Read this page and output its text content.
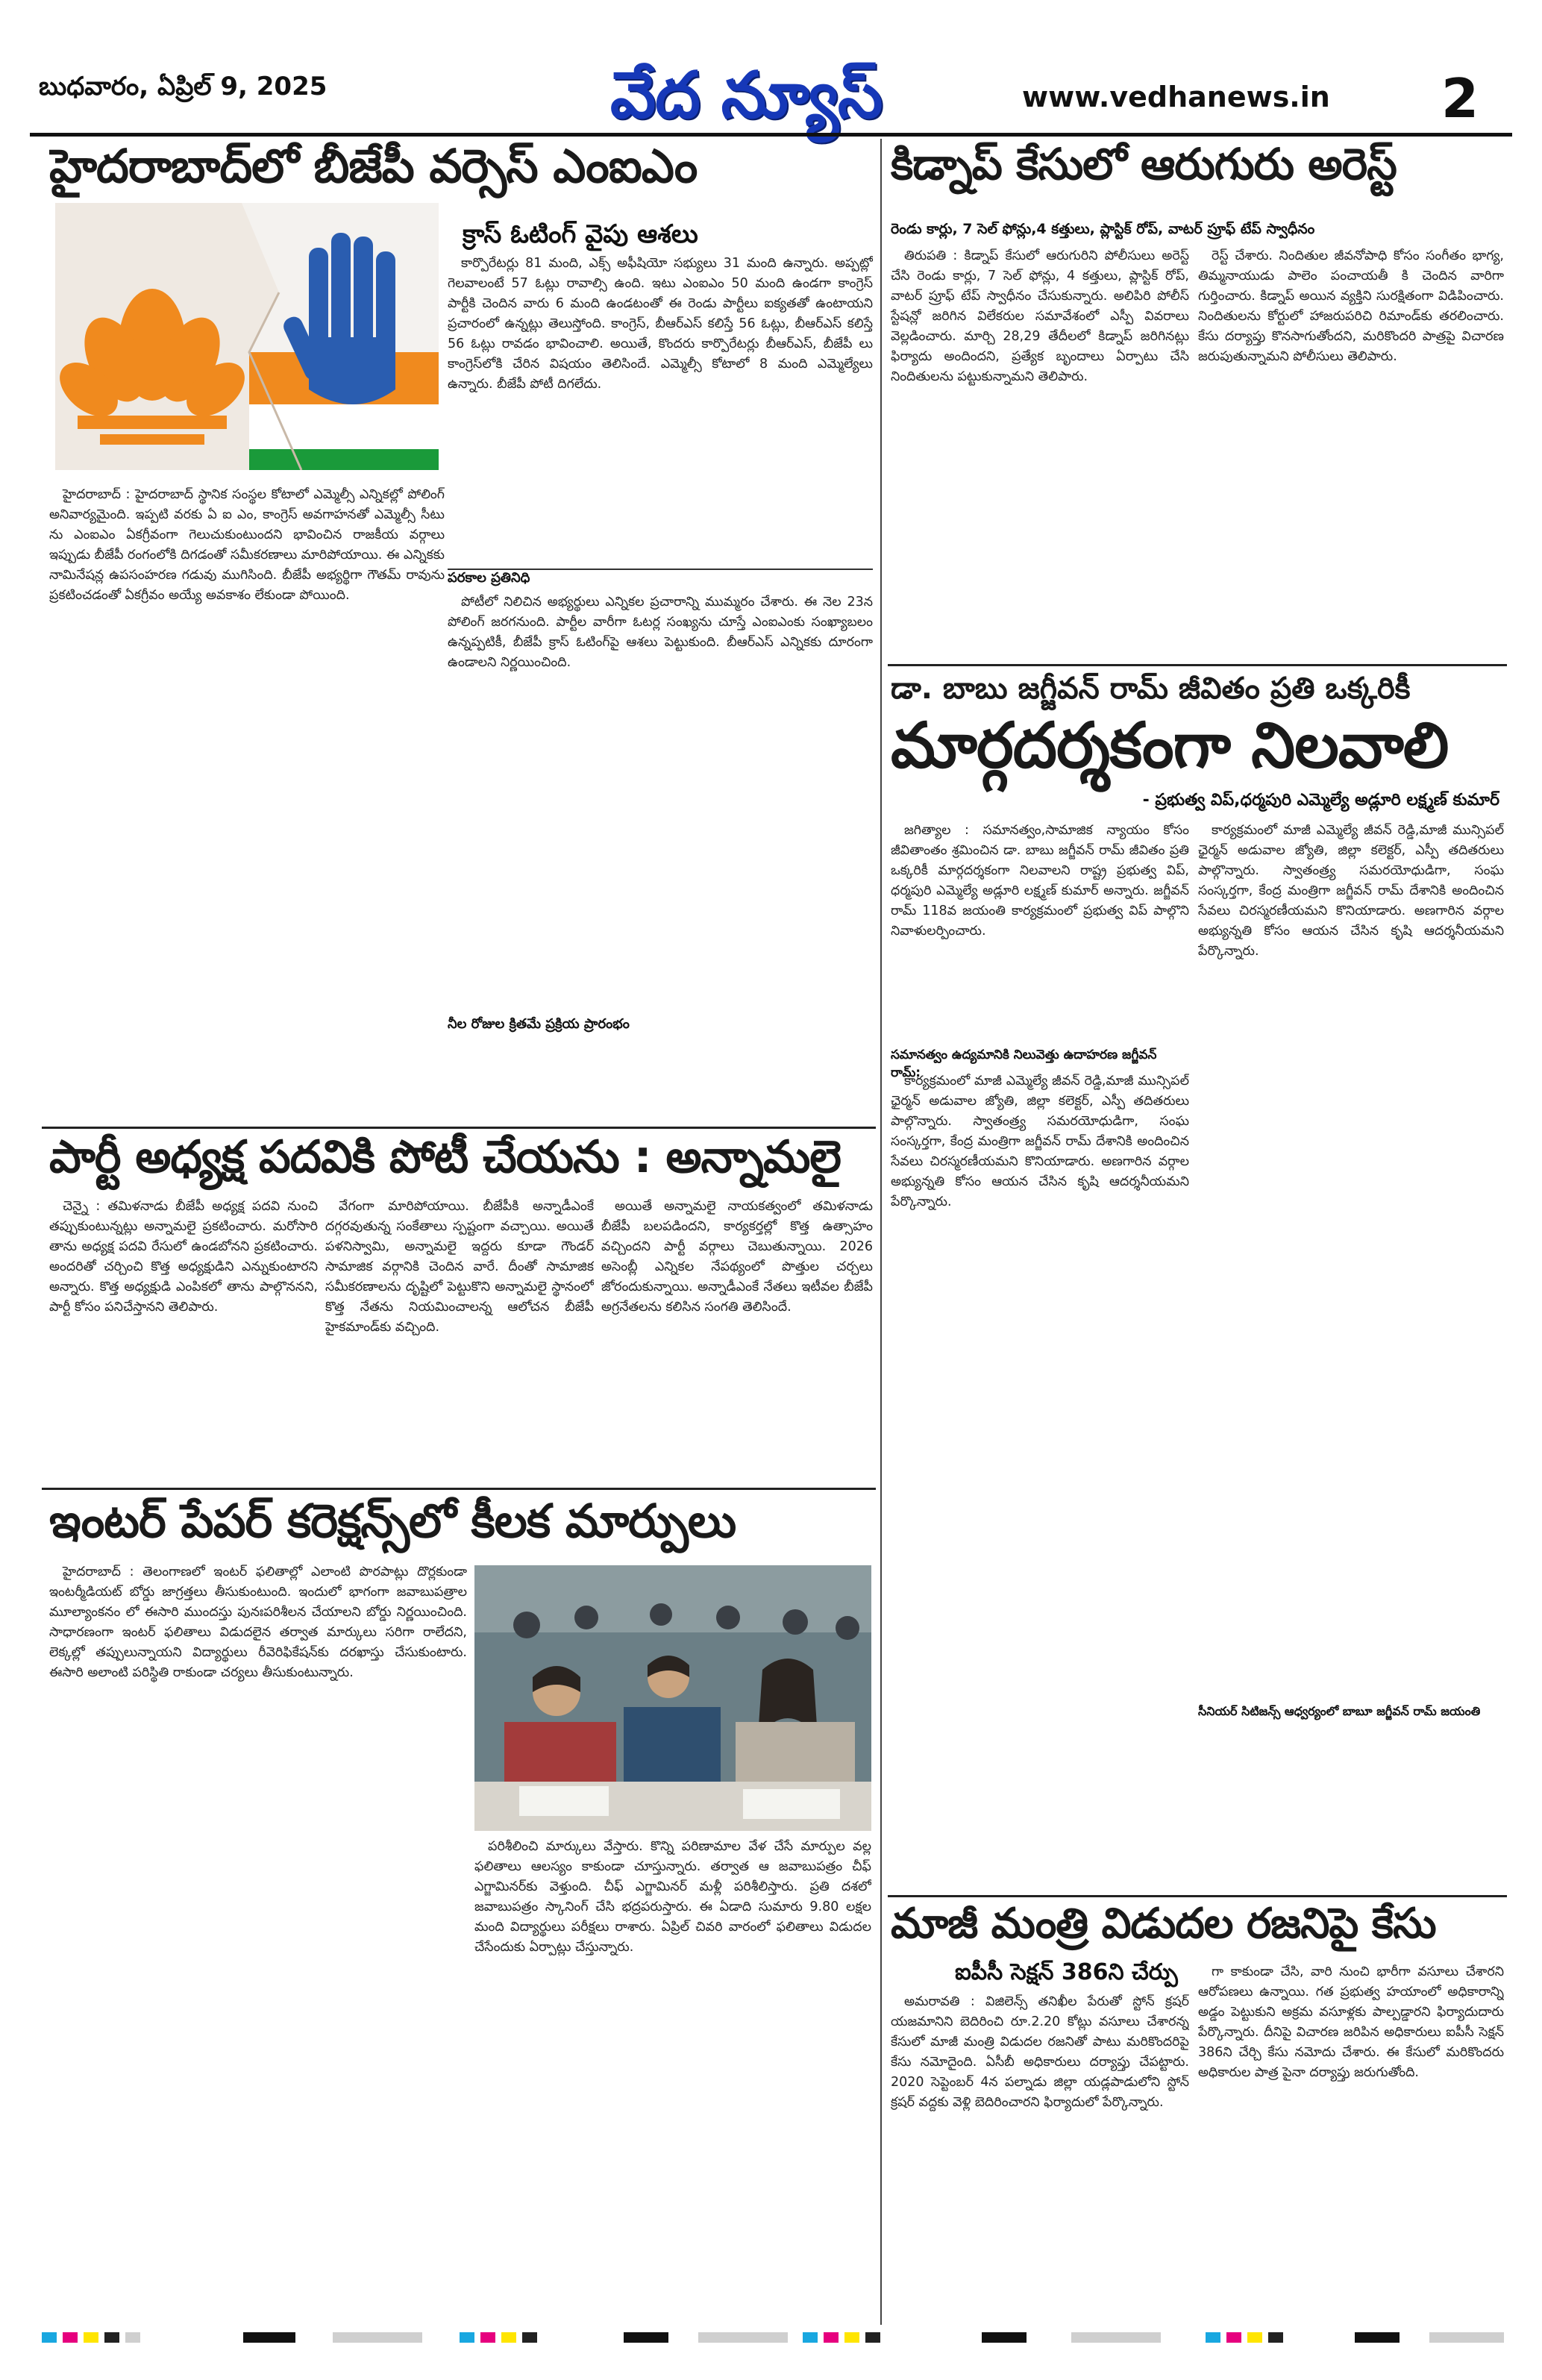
బుధవారం, ఏప్రిల్ 9, 2025	వేద న్యూస్	www.vedhanews.in 2
హైదరాబాద్‌లో బీజేపీ వర్సెస్ ఎంఐఎం
క్రాస్ ఓటింగ్ వైపు ఆశలు

కార్పొరేటర్లు 81 మంది, ఎక్స్ అఫీషియో సభ్యులు 31 మంది ఉన్నారు. అప్పట్లో గెలవాలంటే 57 ఓట్లు రావాల్సి ఉంది. ఇటు ఎంఐఎం 50 మంది ఉండగా కాంగ్రెస్ పార్టీకి చెందిన వారు 6 మంది ఉండటంతో ఈ రెండు పార్టీలు ఐక్యతతో ఉంటాయని ప్రచారంలో ఉన్నట్లు తెలుస్తోంది. కాంగ్రెస్, బీఆర్ఎస్ కలిస్తే 56 ఓట్లు, బీఆర్ఎస్ కలిస్తే 56 ఓట్లు రావడం భావించాలి. అయితే, కొందరు కార్పొరేటర్లు బీఆర్ఎస్, బీజేపీ లు కాంగ్రెస్‌లోకి చేరిన విషయం తెలిసిందే. ఎమ్మెల్సీ కోటాలో 8 మంది ఎమ్మెల్యేలు ఉన్నారు. బీజేపీ పోటీ దిగలేదు.

హైదరాబాద్ : హైదరాబాద్ స్థానిక సంస్థల కోటాలో ఎమ్మెల్సీ ఎన్నికల్లో పోలింగ్ అనివార్యమైంది. ఇప్పటి వరకు ఏ ఐ ఎం, కాంగ్రెస్ అవగాహనతో ఎమ్మెల్సీ సీటు ను ఎంఐఎం ఏకగ్రీవంగా గెలుచుకుంటుందని భావించిన రాజకీయ వర్గాలు ఇప్పుడు బీజేపీ రంగంలోకి దిగడంతో సమీకరణాలు మారిపోయాయి. ఈ ఎన్నికకు నామినేషన్ల ఉపసంహరణ గడువు ముగిసింది. బీజేపీ అభ్యర్థిగా గౌతమ్ రావును ప్రకటించడంతో ఏకగ్రీవం అయ్యే అవకాశం లేకుండా పోయింది.

పరకాల ప్రతినిధి

పోటీలో నిలిచిన అభ్యర్థులు ఎన్నికల ప్రచారాన్ని ముమ్మరం చేశారు. ఈ నెల 23న పోలింగ్ జరగనుంది. పార్టీల వారీగా ఓటర్ల సంఖ్యను చూస్తే ఎంఐఎంకు సంఖ్యాబలం ఉన్నప్పటికీ, బీజేపీ క్రాస్ ఓటింగ్‌పై ఆశలు పెట్టుకుంది. బీఆర్ఎస్ ఎన్నికకు దూరంగా ఉండాలని నిర్ణయించింది.

నీల రోజుల క్రితమే ప్రక్రియ ప్రారంభం
పార్టీ అధ్యక్ష పదవికి పోటీ చేయను : అన్నామలై

చెన్నై : తమిళనాడు బీజేపీ అధ్యక్ష పదవి నుంచి తప్పుకుంటున్నట్లు అన్నామలై ప్రకటించారు. మరోసారి తాను అధ్యక్ష పదవి రేసులో ఉండబోనని ప్రకటించారు. అందరితో చర్చించి కొత్త అధ్యక్షుడిని ఎన్నుకుంటారని అన్నారు. కొత్త అధ్యక్షుడి ఎంపికలో తాను పాల్గొననని, పార్టీ కోసం పనిచేస్తానని తెలిపారు.

వేగంగా మారిపోయాయి. బీజేపీకి అన్నాడీఎంకే దగ్గరవుతున్న సంకేతాలు స్పష్టంగా వచ్చాయి. అయితే పళనిస్వామి, అన్నామలై ఇద్దరు కూడా గౌండర్ సామాజిక వర్గానికి చెందిన వారే. దీంతో సామాజిక సమీకరణాలను దృష్టిలో పెట్టుకొని అన్నామలై స్థానంలో కొత్త నేతను నియమించాలన్న ఆలోచన బీజేపీ హైకమాండ్‌కు వచ్చింది.

అయితే అన్నామలై నాయకత్వంలో తమిళనాడు బీజేపీ బలపడిందని, కార్యకర్తల్లో కొత్త ఉత్సాహం వచ్చిందని పార్టీ వర్గాలు చెబుతున్నాయి. 2026 అసెంబ్లీ ఎన్నికల నేపథ్యంలో పొత్తుల చర్చలు జోరందుకున్నాయి. అన్నాడీఎంకే నేతలు ఇటీవల బీజేపీ అగ్రనేతలను కలిసిన సంగతి తెలిసిందే.

ఇంటర్ పేపర్ కరెక్షన్స్‌లో కీలక మార్పులు

హైదరాబాద్ : తెలంగాణలో ఇంటర్ ఫలితాల్లో ఎలాంటి పొరపాట్లు దొర్లకుండా ఇంటర్మీడియట్ బోర్డు జాగ్రత్తలు తీసుకుంటుంది. ఇందులో భాగంగా జవాబుపత్రాల మూల్యాంకనం లో ఈసారి ముందస్తు పునఃపరిశీలన చేయాలని బోర్డు నిర్ణయించింది. సాధారణంగా ఇంటర్ ఫలితాలు విడుదలైన తర్వాత మార్కులు సరిగా రాలేదని, లెక్కల్లో తప్పులున్నాయని విద్యార్థులు రీవెరిఫికేషన్‌కు దరఖాస్తు చేసుకుంటారు. ఈసారి అలాంటి పరిస్థితి రాకుండా చర్యలు తీసుకుంటున్నారు.

పరిశీలించి మార్కులు వేస్తారు. కొన్ని పరిణామాల వేళ చేసే మార్పుల వల్ల ఫలితాలు ఆలస్యం కాకుండా చూస్తున్నారు. తర్వాత ఆ జవాబుపత్రం చీఫ్ ఎగ్జామినర్‌కు వెళ్తుంది. చీఫ్ ఎగ్జామినర్ మళ్లీ పరిశీలిస్తారు. ప్రతి దశలో జవాబుపత్రం స్కానింగ్ చేసి భద్రపరుస్తారు. ఈ ఏడాది సుమారు 9.80 లక్షల మంది విద్యార్థులు పరీక్షలు రాశారు. ఏప్రిల్ చివరి వారంలో ఫలితాలు విడుదల చేసేందుకు ఏర్పాట్లు చేస్తున్నారు.

కిడ్నాప్ కేసులో ఆరుగురు అరెస్ట్
రెండు కార్లు, 7 సెల్ ఫోన్లు,4 కత్తులు, ప్లాస్టిక్ రోప్, వాటర్ ప్రూఫ్ టేప్ స్వాధీనం

తిరుపతి : కిడ్నాప్ కేసులో ఆరుగురిని పోలీసులు అరెస్ట్ చేసి రెండు కార్లు, 7 సెల్ ఫోన్లు, 4 కత్తులు, ప్లాస్టిక్ రోప్, వాటర్ ప్రూఫ్ టేప్ స్వాధీనం చేసుకున్నారు. అలిపిరి పోలీస్ స్టేషన్లో జరిగిన విలేకరుల సమావేశంలో ఎస్పీ వివరాలు వెల్లడించారు. మార్చి 28,29 తేదీలలో కిడ్నాప్ జరిగినట్లు ఫిర్యాదు అందిందని, ప్రత్యేక బృందాలు ఏర్పాటు చేసి నిందితులను పట్టుకున్నామని తెలిపారు.

రెస్ట్ చేశారు. నిందితుల జీవనోపాధి కోసం సంగీతం భాగ్య, తిమ్మనాయుడు పాలెం పంచాయతీ కి చెందిన వారిగా గుర్తించారు. కిడ్నాప్ అయిన వ్యక్తిని సురక్షితంగా విడిపించారు. నిందితులను కోర్టులో హాజరుపరిచి రిమాండ్‌కు తరలించారు. కేసు దర్యాప్తు కొనసాగుతోందని, మరికొందరి పాత్రపై విచారణ జరుపుతున్నామని పోలీసులు తెలిపారు.

డా. బాబు జగ్జీవన్ రామ్ జీవితం ప్రతి ఒక్కరికీ
మార్గదర్శకంగా నిలవాలి
- ప్రభుత్వ విప్,ధర్మపురి ఎమ్మెల్యే అడ్లూరి లక్ష్మణ్ కుమార్

జగిత్యాల : సమానత్వం,సామాజిక న్యాయం కోసం జీవితాంతం శ్రమించిన డా. బాబు జగ్జీవన్ రామ్ జీవితం ప్రతి ఒక్కరికీ మార్గదర్శకంగా నిలవాలని రాష్ట్ర ప్రభుత్వ విప్, ధర్మపురి ఎమ్మెల్యే అడ్లూరి లక్ష్మణ్ కుమార్ అన్నారు. జగ్జీవన్ రామ్ 118వ జయంతి కార్యక్రమంలో ప్రభుత్వ విప్ పాల్గొని నివాళులర్పించారు.

సమానత్వం ఉద్యమానికి నిలువెత్తు ఉదాహరణ జగ్జీవన్ రామ్:

కార్యక్రమంలో మాజీ ఎమ్మెల్యే జీవన్ రెడ్డి,మాజీ మున్సిపల్ ఛైర్మన్ అడువాల జ్యోతి, జిల్లా కలెక్టర్, ఎస్పీ తదితరులు పాల్గొన్నారు. స్వాతంత్ర్య సమరయోధుడిగా, సంఘ సంస్కర్తగా, కేంద్ర మంత్రిగా జగ్జీవన్ రామ్ దేశానికి అందించిన సేవలు చిరస్మరణీయమని కొనియాడారు. అణగారిన వర్గాల అభ్యున్నతి కోసం ఆయన చేసిన కృషి ఆదర్శనీయమని పేర్కొన్నారు.

కార్యక్రమంలో మాజీ ఎమ్మెల్యే జీవన్ రెడ్డి,మాజీ మున్సిపల్ ఛైర్మన్ అడువాల జ్యోతి, జిల్లా కలెక్టర్, ఎస్పీ తదితరులు పాల్గొన్నారు. స్వాతంత్ర్య సమరయోధుడిగా, సంఘ సంస్కర్తగా, కేంద్ర మంత్రిగా జగ్జీవన్ రామ్ దేశానికి అందించిన సేవలు చిరస్మరణీయమని కొనియాడారు. అణగారిన వర్గాల అభ్యున్నతి కోసం ఆయన చేసిన కృషి ఆదర్శనీయమని పేర్కొన్నారు.

సీనియర్ సిటిజన్స్ ఆధ్వర్యంలో బాబూ జగ్జీవన్ రామ్ జయంతి
మాజీ మంత్రి విడుదల రజనిపై కేసు
ఐపీసీ సెక్షన్ 386ని చేర్పు

అమరావతి : విజిలెన్స్ తనిఖీల పేరుతో స్టోన్ క్రషర్ యజమానిని బెదిరించి రూ.2.20 కోట్లు వసూలు చేశారన్న కేసులో మాజీ మంత్రి విడుదల రజనితో పాటు మరికొందరిపై కేసు నమోదైంది. ఏసీబీ అధికారులు దర్యాప్తు చేపట్టారు. 2020 సెప్టెంబర్ 4న పల్నాడు జిల్లా యడ్లపాడులోని స్టోన్ క్రషర్ వద్దకు వెళ్లి బెదిరించారని ఫిర్యాదులో పేర్కొన్నారు.

గా కాకుండా చేసి, వారి నుంచి భారీగా వసూలు చేశారని ఆరోపణలు ఉన్నాయి. గత ప్రభుత్వ హయాంలో అధికారాన్ని అడ్డం పెట్టుకుని అక్రమ వసూళ్లకు పాల్పడ్డారని ఫిర్యాదుదారు పేర్కొన్నారు. దీనిపై విచారణ జరిపిన అధికారులు ఐపీసీ సెక్షన్ 386ని చేర్చి కేసు నమోదు చేశారు. ఈ కేసులో మరికొందరు అధికారుల పాత్ర పైనా దర్యాప్తు జరుగుతోంది.
